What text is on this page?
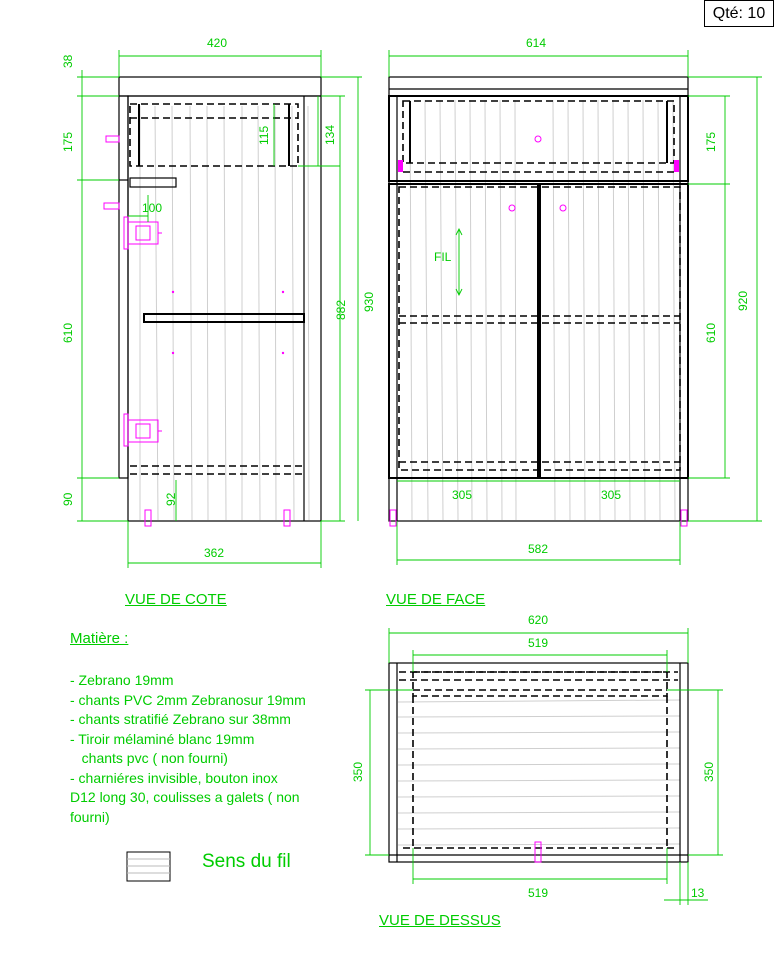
Qté: 10
420
38
175
610
90
115	134
100
882 930
92
362
FIL
614
175
610
920
305	305
582
620
519
519
350	350
13
VUE DE COTE	VUE DE FACE
VUE DE DESSUS
Matière :
- Zebrano 19mm
- chants PVC 2mm Zebranosur 19mm
- chants stratifié Zebrano sur 38mm
- Tiroir mélaminé blanc 19mm
chants pvc ( non fourni)
- charniéres invisible, bouton inox
D12 long 30, coulisses a galets ( non
fourni)
Sens du fil
